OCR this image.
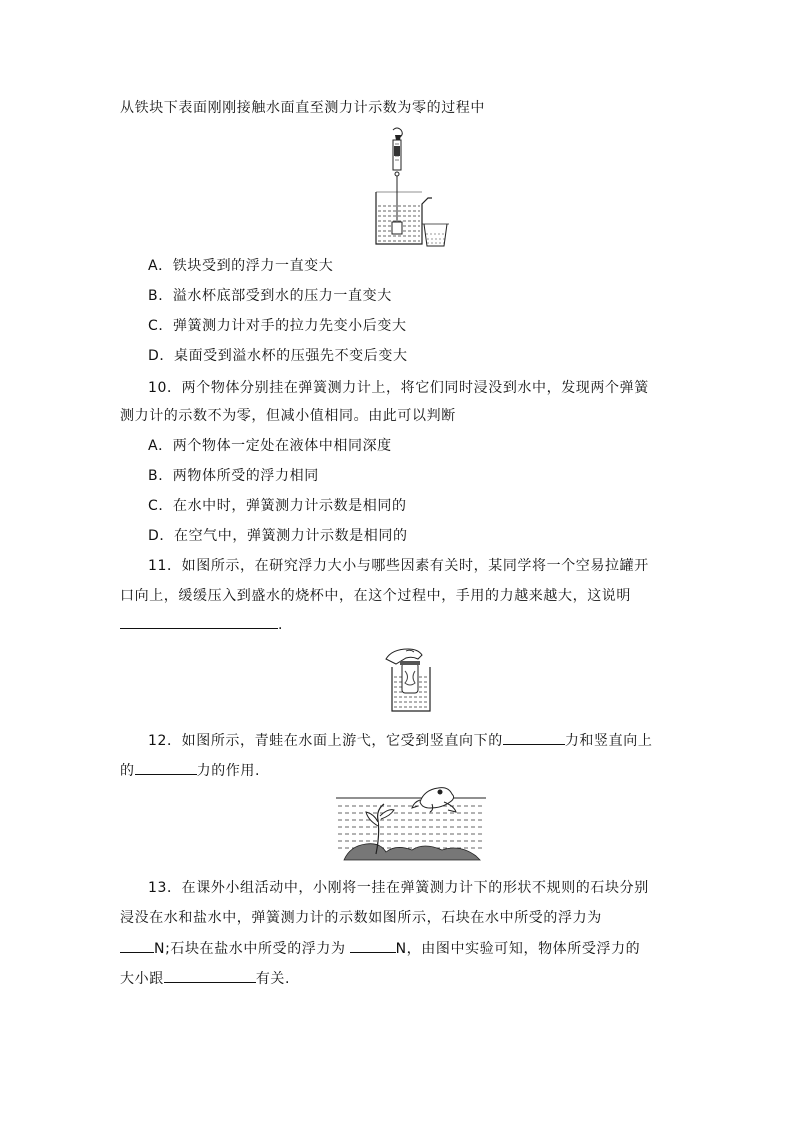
从铁块下表面刚刚接触水面直至测力计示数为零的过程中
A．铁块受到的浮力一直变大
B．溢水杯底部受到水的压力一直变大
C．弹簧测力计对手的拉力先变小后变大
D．桌面受到溢水杯的压强先不变后变大
10．两个物体分别挂在弹簧测力计上，将它们同时浸没到水中，发现两个弹簧
测力计的示数不为零，但减小值相同。由此可以判断
A．两个物体一定处在液体中相同深度
B．两物体所受的浮力相同
C．在水中时，弹簧测力计示数是相同的
D．在空气中，弹簧测力计示数是相同的
11．如图所示，在研究浮力大小与哪些因素有关时，某同学将一个空易拉罐开
口向上，缓缓压入到盛水的烧杯中，在这个过程中，手用的力越来越大，这说明
.
12．如图所示，青蛙在水面上游弋，它受到竖直向下的	力和竖直向上
的	力的作用.
13．在课外小组活动中，小刚将一挂在弹簧测力计下的形状不规则的石块分别
浸没在水和盐水中，弹簧测力计的示数如图所示，石块在水中所受的浮力为
N;石块在盐水中所受的浮力为	N，由图中实验可知，物体所受浮力的
大小跟	有关.
